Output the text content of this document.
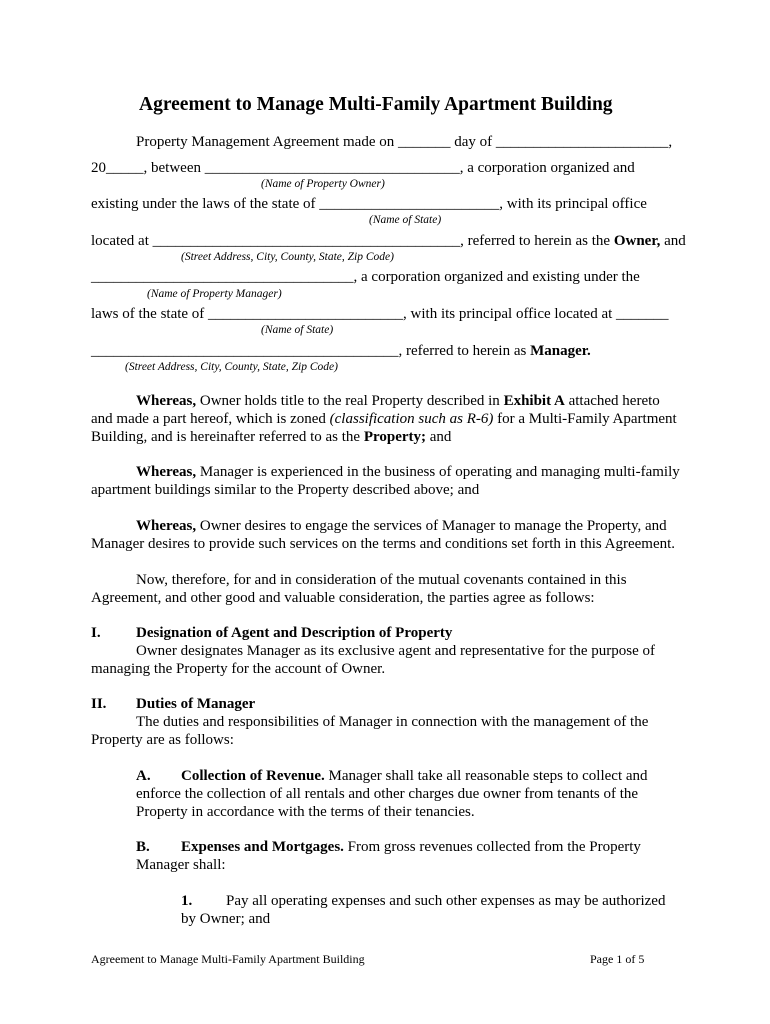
Agreement to Manage Multi-Family Apartment Building
Property Management Agreement made on _______ day of _______________________,
20_____, between __________________________________, a corporation organized and
(Name of Property Owner)
existing under the laws of the state of ________________________, with its principal office
(Name of State)
located at _________________________________________, referred to herein as the Owner, and
(Street Address, City, County, State, Zip Code)
___________________________________, a corporation organized and existing under the
(Name of Property Manager)
laws of the state of __________________________, with its principal office located at _______
(Name of State)
_________________________________________, referred to herein as Manager.
(Street Address, City, County, State, Zip Code)

Whereas, Owner holds title to the real Property described in Exhibit A attached hereto and made a part hereof, which is zoned (classification such as R-6) for a Multi-Family Apartment Building, and is hereinafter referred to as the Property; and

Whereas, Manager is experienced in the business of operating and managing multi-family apartment buildings similar to the Property described above; and

Whereas, Owner desires to engage the services of Manager to manage the Property, and Manager desires to provide such services on the terms and conditions set forth in this Agreement.

Now, therefore, for and in consideration of the mutual covenants contained in this Agreement, and other good and valuable consideration, the parties agree as follows:

I.	Designation of Agent and Description of Property

Owner designates Manager as its exclusive agent and representative for the purpose of managing the Property for the account of Owner.

II.	Duties of Manager

The duties and responsibilities of Manager in connection with the management of the Property are as follows:

A.	Collection of Revenue. Manager shall take all reasonable steps to collect and enforce the collection of all rentals and other charges due owner from tenants of the Property in accordance with the terms of their tenancies.

B.	Expenses and Mortgages. From gross revenues collected from the Property Manager shall:

1.	Pay all operating expenses and such other expenses as may be authorized by Owner; and

Agreement to Manage Multi-Family Apartment Building	Page 1 of 5
